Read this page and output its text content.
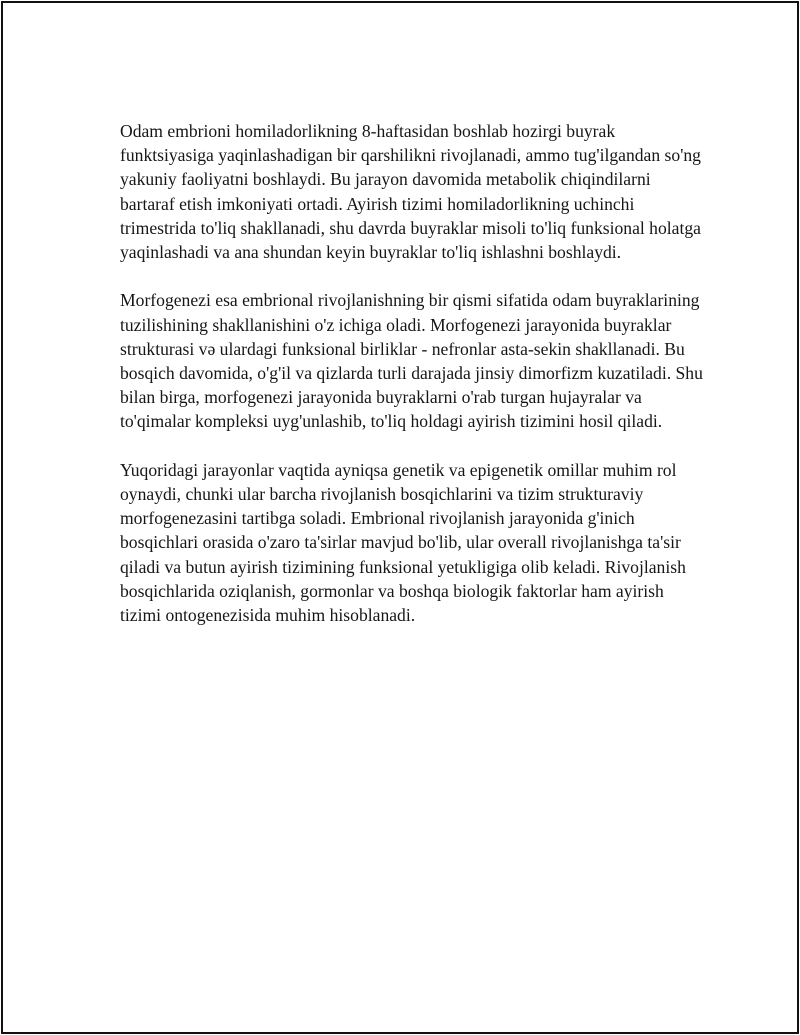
Odam embrioni homiladorlikning 8-haftasidan boshlab hozirgi buyrak funktsiyasiga yaqinlashadigan bir qarshilikni rivojlanadi, ammo tug'ilgandan so'ng yakuniy faoliyatni boshlaydi. Bu jarayon davomida metabolik chiqindilarni bartaraf etish imkoniyati ortadi. Ayirish tizimi homiladorlikning uchinchi trimestrida to'liq shakllanadi, shu davrda buyraklar misoli to'liq funksional holatga yaqinlashadi va ana shundan keyin buyraklar to'liq ishlashni boshlaydi.

Morfogenezi esa embrional rivojlanishning bir qismi sifatida odam buyraklarining tuzilishining shakllanishini o'z ichiga oladi. Morfogenezi jarayonida buyraklar strukturasi və ulardagi funksional birliklar - nefronlar asta-sekin shakllanadi. Bu bosqich davomida, o'g'il va qizlarda turli darajada jinsiy dimorfizm kuzatiladi. Shu bilan birga, morfogenezi jarayonida buyraklarni o'rab turgan hujayralar va to'qimalar kompleksi uyg'unlashib, to'liq holdagi ayirish tizimini hosil qiladi.

Yuqoridagi jarayonlar vaqtida ayniqsa genetik va epigenetik omillar muhim rol oynaydi, chunki ular barcha rivojlanish bosqichlarini va tizim strukturaviy morfogenezasini tartibga soladi. Embrional rivojlanish jarayonida g'inich bosqichlari orasida o'zaro ta'sirlar mavjud bo'lib, ular overall rivojlanishga ta'sir qiladi va butun ayirish tizimining funksional yetukligiga olib keladi. Rivojlanish bosqichlarida oziqlanish, gormonlar va boshqa biologik faktorlar ham ayirish tizimi ontogenezisida muhim hisoblanadi.
